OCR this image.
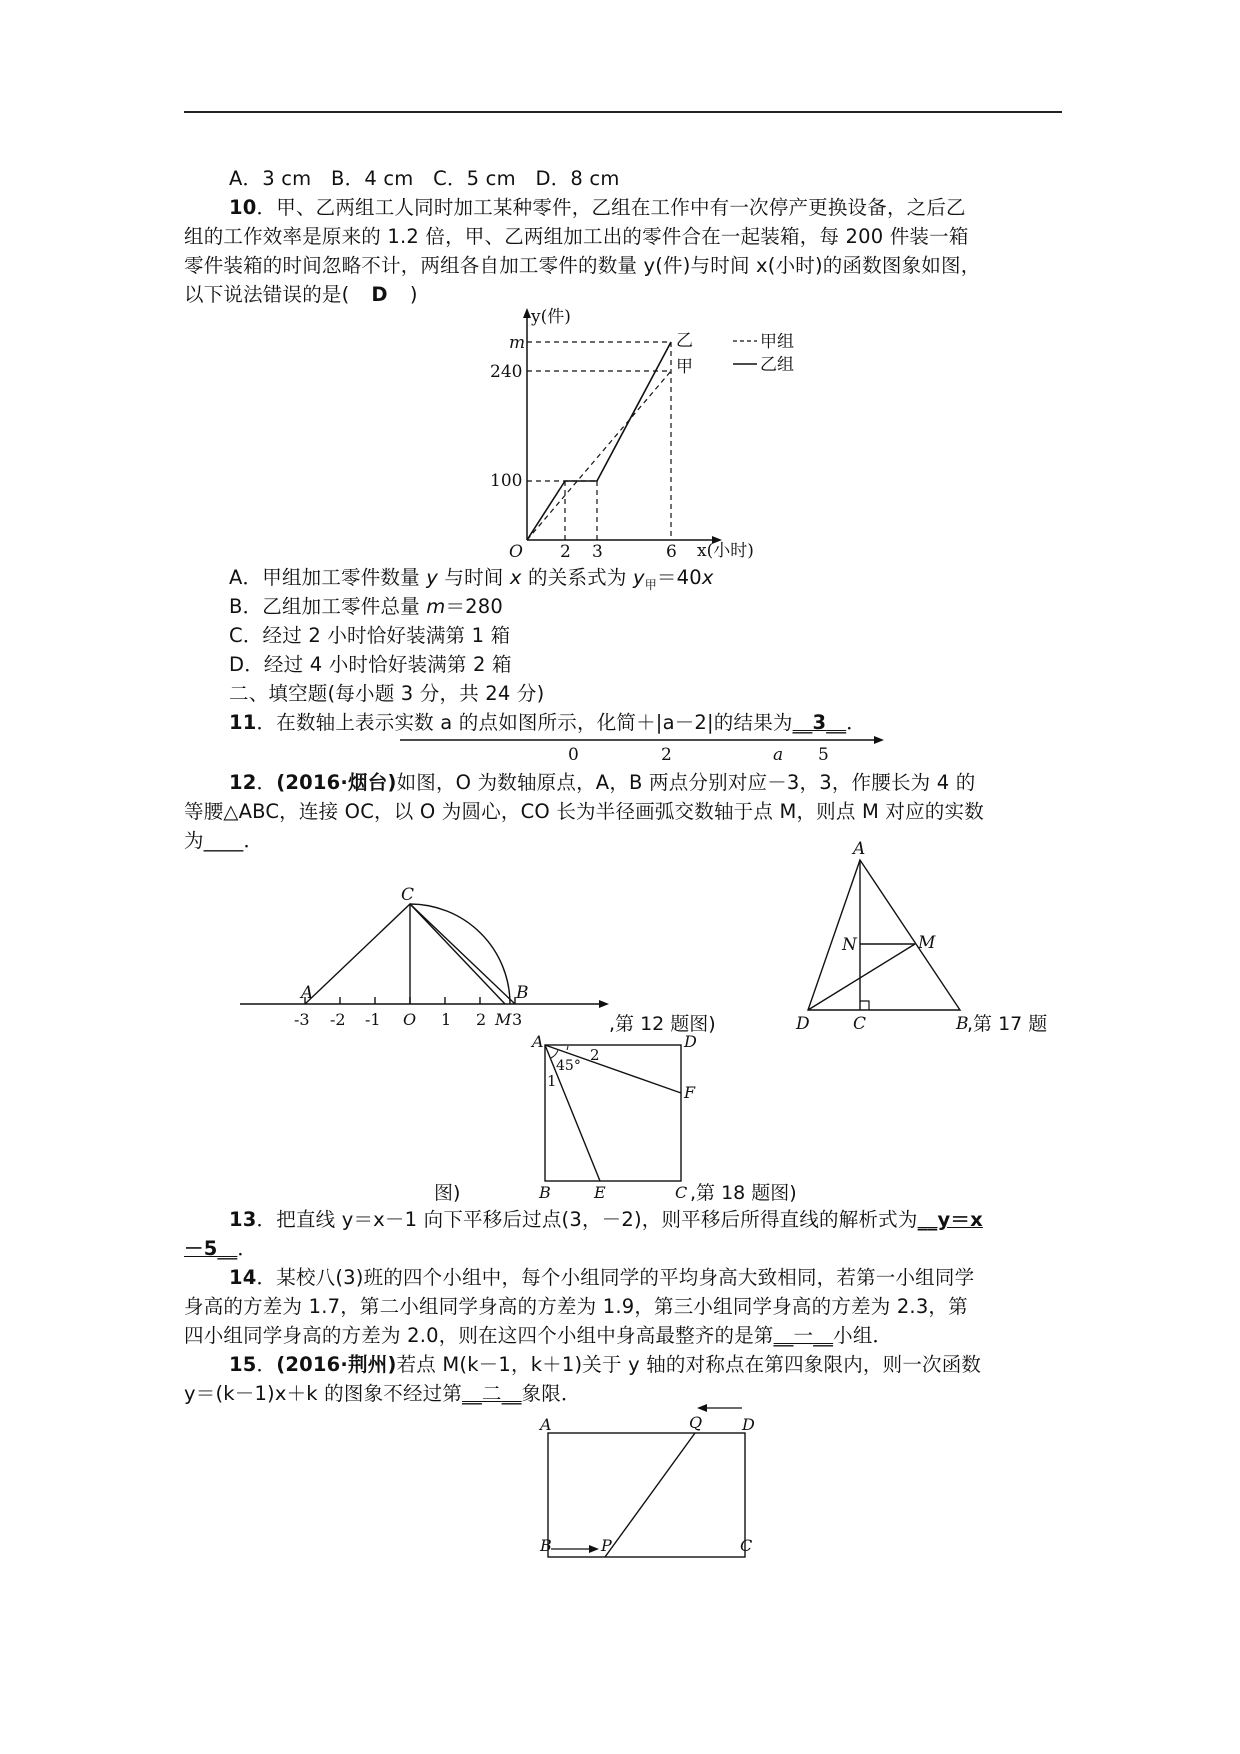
A．3 cm　B．4 cm　C．5 cm　D．8 cm
10．甲、乙两组工人同时加工某种零件，乙组在工作中有一次停产更换设备，之后乙
组的工作效率是原来的 1.2 倍，甲、乙两组加工出的零件合在一起装箱，每 200 件装一箱
零件装箱的时间忽略不计，两组各自加工零件的数量 y(件)与时间 x(小时)的函数图象如图，
以下说法错误的是( D )
y(件)
x(小时)
O
m
240
100
2 3	6
乙
甲
甲组
乙组
A．甲组加工零件数量 y 与时间 x 的关系式为 $y_甲=40x$
B．乙组加工零件总量 m＝280
C．经过 2 小时恰好装满第 1 箱
D．经过 4 小时恰好装满第 2 箱
二、填空题(每小题 3 分，共 24 分)
11．在数轴上表示实数 a 的点如图所示，化简＋|a－2|的结果为__3__．
0	2	a 5
12．(2016·烟台)如图，O 为数轴原点，A，B 两点分别对应－3，3，作腰长为 4 的
等腰△ABC，连接 OC，以 O 为圆心，CO 长为半径画弧交数轴于点 M，则点 M 对应的实数
为____．
C
A	B
-3 -2 -1 O 1 2 M 3	,第 12 题图)
A
N	M
D	C	B
,第 17 题
A	D
F
B	E	C
2
45°
1
图)	,第 18 题图)
13．把直线 y＝x－1 向下平移后过点(3，－2)，则平移后所得直线的解析式为__y＝x
－5__．
14．某校八(3)班的四个小组中，每个小组同学的平均身高大致相同，若第一小组同学
身高的方差为 1.7，第二小组同学身高的方差为 1.9，第三小组同学身高的方差为 2.3，第
四小组同学身高的方差为 2.0，则在这四个小组中身高最整齐的是第__一__小组．
15．(2016·荆州)若点 M(k－1，k＋1)关于 y 轴的对称点在第四象限内，则一次函数
y＝(k－1)x＋k 的图象不经过第__二__象限．
A	Q D
B	P	C
